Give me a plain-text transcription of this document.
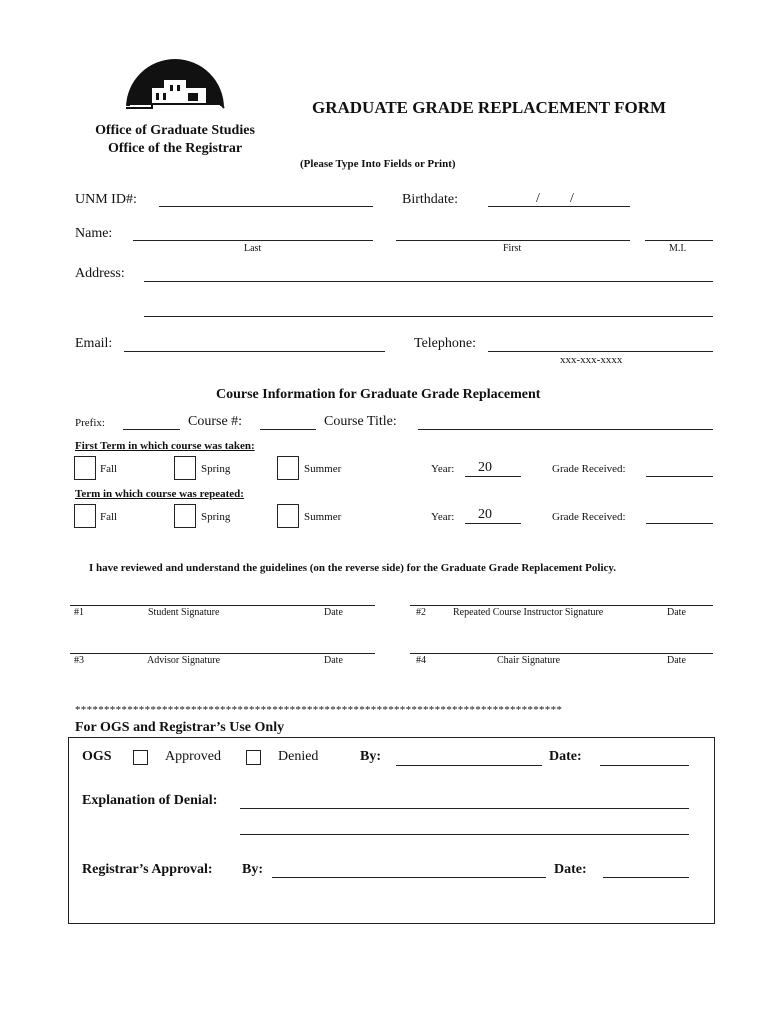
GRADUATE GRADE REPLACEMENT FORM
Office of Graduate Studies
Office of the Registrar
(Please Type Into Fields or Print)
UNM ID#:	Birthdate:	/ /
Name:
Last	First	M.I.
Address:
Email:	Telephone:
xxx-xxx-xxxx
Course Information for Graduate Grade Replacement
Prefix:	Course #:	Course Title:
First Term in which course was taken:
Fall	Spring	Summer	Year: 20	Grade Received:
Term in which course was repeated:
Fall	Spring	Summer	Year: 20	Grade Received:
I have reviewed and understand the guidelines (on the reverse side) for the Graduate Grade Replacement Policy.
#1	Student Signature	Date	#2	Repeated Course Instructor Signature	Date
#3	Advisor Signature	Date	#4	Chair Signature	Date
************************************************************************************
For OGS and Registrar’s Use Only
OGS	Approved	Denied	By:	Date:
Explanation of Denial:
Registrar’s Approval: By:	Date:
